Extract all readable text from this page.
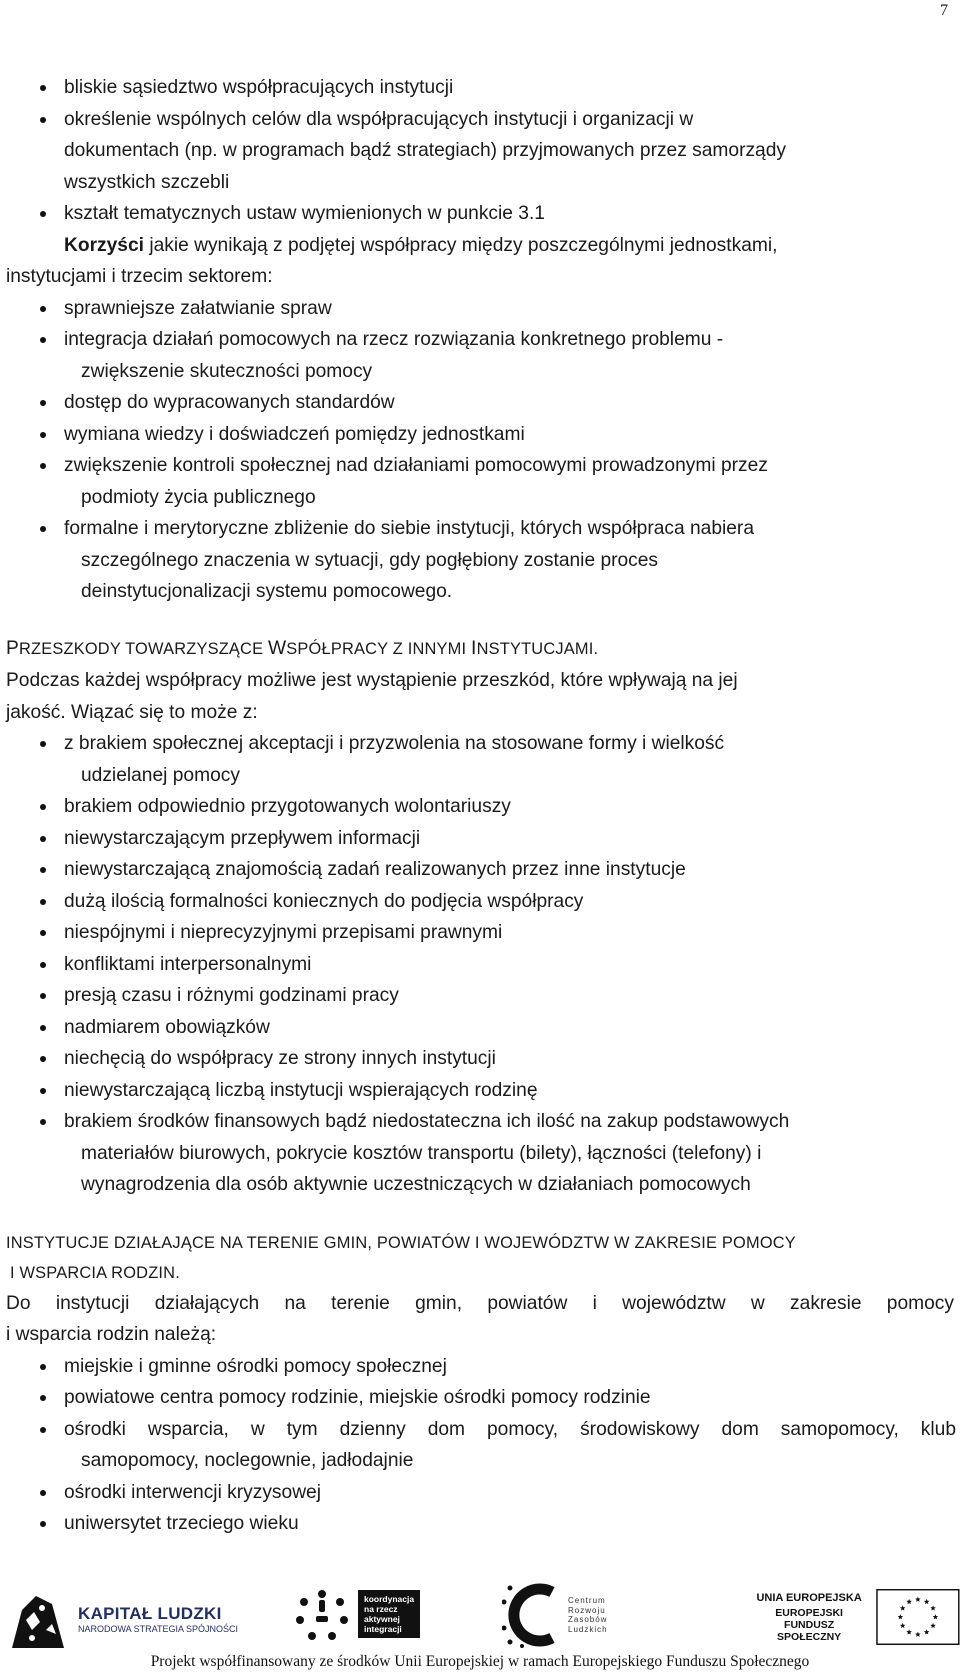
7
bliskie sąsiedztwo współpracujących instytucji
określenie wspólnych celów dla współpracujących instytucji i organizacji w
dokumentach (np. w programach bądź strategiach) przyjmowanych przez samorządy
wszystkich szczebli
kształt tematycznych ustaw wymienionych w punkcie 3.1

Korzyści jakie wynikają z podjętej współpracy między poszczególnymi jednostkami,
instytucjami i trzecim sektorem:

sprawniejsze załatwianie spraw
integracja działań pomocowych na rzecz rozwiązania konkretnego problemu -
zwiększenie skuteczności pomocy
dostęp do wypracowanych standardów
wymiana wiedzy i doświadczeń pomiędzy jednostkami
zwiększenie kontroli społecznej nad działaniami pomocowymi prowadzonymi przez
podmioty życia publicznego
formalne i merytoryczne zbliżenie do siebie instytucji, których współpraca nabiera
szczególnego znaczenia w sytuacji, gdy pogłębiony zostanie proces
deinstytucjonalizacji systemu pomocowego.

PRZESZKODY TOWARZYSZĄCE WSPÓŁPRACY Z INNYMI INSTYTUCJAMI.

Podczas każdej współpracy możliwe jest wystąpienie przeszkód, które wpływają na jej
jakość. Wiązać się to może z:

z brakiem społecznej akceptacji i przyzwolenia na stosowane formy i wielkość
udzielanej pomocy
brakiem odpowiednio przygotowanych wolontariuszy
niewystarczającym przepływem informacji
niewystarczającą znajomością zadań realizowanych przez inne instytucje
dużą ilością formalności koniecznych do podjęcia współpracy
niespójnymi i nieprecyzyjnymi przepisami prawnymi
konfliktami interpersonalnymi
presją czasu i różnymi godzinami pracy
nadmiarem obowiązków
niechęcią do współpracy ze strony innych instytucji
niewystarczającą liczbą instytucji wspierających rodzinę
brakiem środków finansowych bądź niedostateczna ich ilość na zakup podstawowych
materiałów biurowych, pokrycie kosztów transportu (bilety), łączności (telefony) i
wynagrodzenia dla osób aktywnie uczestniczących w działaniach pomocowych

INSTYTUCJE DZIAŁAJĄCE NA TERENIE GMIN, POWIATÓW I WOJEWÓDZTW W ZAKRESIE POMOCY
I WSPARCIA RODZIN.

Do instytucji działających na terenie gmin, powiatów i województw w zakresie pomocy
i wsparcia rodzin należą:

miejskie i gminne ośrodki pomocy społecznej
powiatowe centra pomocy rodzinie, miejskie ośrodki pomocy rodzinie
ośrodki wsparcia, w tym dzienny dom pomocy, środowiskowy dom samopomocy, klub
samopomocy, noclegownie, jadłodajnie
ośrodki interwencji kryzysowej
uniwersytet trzeciego wieku
KAPITAŁ LUDZKI
NARODOWA STRATEGIA SPÓJNOŚCI
koordynacja
na rzecz
aktywnej
integracji
Centrum
Rozwoju
Zasobów
Ludzkich
UNIA EUROPEJSKA
EUROPEJSKI
FUNDUSZ SPOŁECZNY
Projekt współfinansowany ze środków Unii Europejskiej w ramach Europejskiego Funduszu Społecznego
